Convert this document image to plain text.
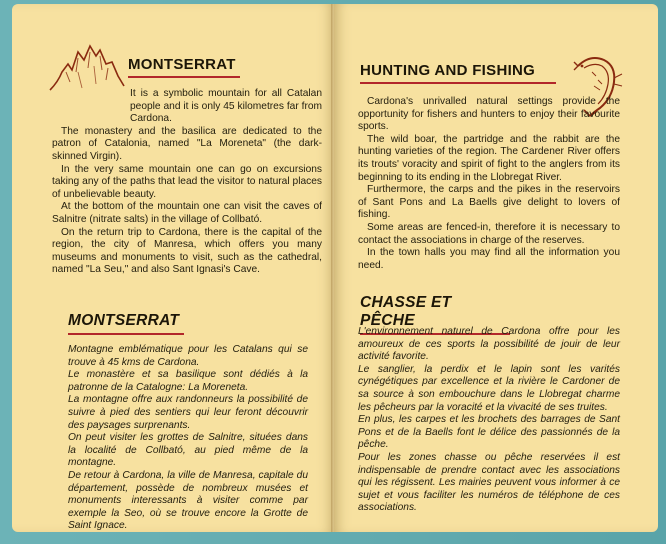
MONTSERRAT

It is a symbolic mountain for all Catalan people and it is only 45 kilometres far from Cardona.

The monastery and the basilica are dedicated to the patron of Catalonia, named "La Moreneta" (the dark-skinned Virgin).

In the very same mountain one can go on excursions taking any of the paths that lead the visitor to natural places of unbelievable beauty.

At the bottom of the mountain one can visit the caves of Salnitre (nitrate salts) in the village of Collbató.

On the return trip to Cardona, there is the capital of the region, the city of Manresa, which offers you many museums and monuments to visit, such as the cathedral, named "La Seu," and also Sant Ignasi's Cave.

MONTSERRAT

Montagne emblématique pour les Catalans qui se trouve à 45 kms de Cardona.

Le monastère et sa basilique sont dédiés à la patronne de la Catalogne: La Moreneta.

La montagne offre aux randonneurs la possibilité de suivre à pied des sentiers qui leur feront découvrir des paysages surprenants.

On peut visiter les grottes de Salnitre, situées dans la localité de Collbató, au pied même de la montagne.

De retour à Cardona, la ville de Manresa, capitale du département, possède de nombreux musées et monuments interessants à visiter comme par exemple la Seo, où se trouve encore la Grotte de Saint Ignace.

HUNTING AND FISHING

Cardona's unrivalled natural settings provide the opportunity for fishers and hunters to enjoy their favourite sports.

The wild boar, the partridge and the rabbit are the hunting varieties of the region. The Cardener River offers its trouts' voracity and spirit of fight to the anglers from its beginning to its ending in the Llobregat River.

Furthermore, the carps and the pikes in the reservoirs of Sant Pons and La Baells give delight to lovers of fishing.

Some areas are fenced-in, therefore it is necessary to contact the associations in charge of the reserves.

In the town halls you may find all the information you need.

CHASSE ET PÊCHE

L'environnement naturel de Cardona offre pour les amoureux de ces sports la possibilité de jouir de leur activité favorite.

Le sanglier, la perdix et le lapin sont les varités cynégétiques par excellence et la rivière le Cardoner de sa source à son embouchure dans le Llobregat charme les pêcheurs par la voracité et la vivacité de ses truites.

En plus, les carpes et les brochets des barrages de Sant Pons et de la Baells font le délice des passionnés de la pêche.

Pour les zones chasse ou pêche reservées il est indispensable de prendre contact avec les associations qui les régissent. Les mairies peuvent vous informer à ce sujet et vous faciliter les numéros de téléphone de ces associations.
